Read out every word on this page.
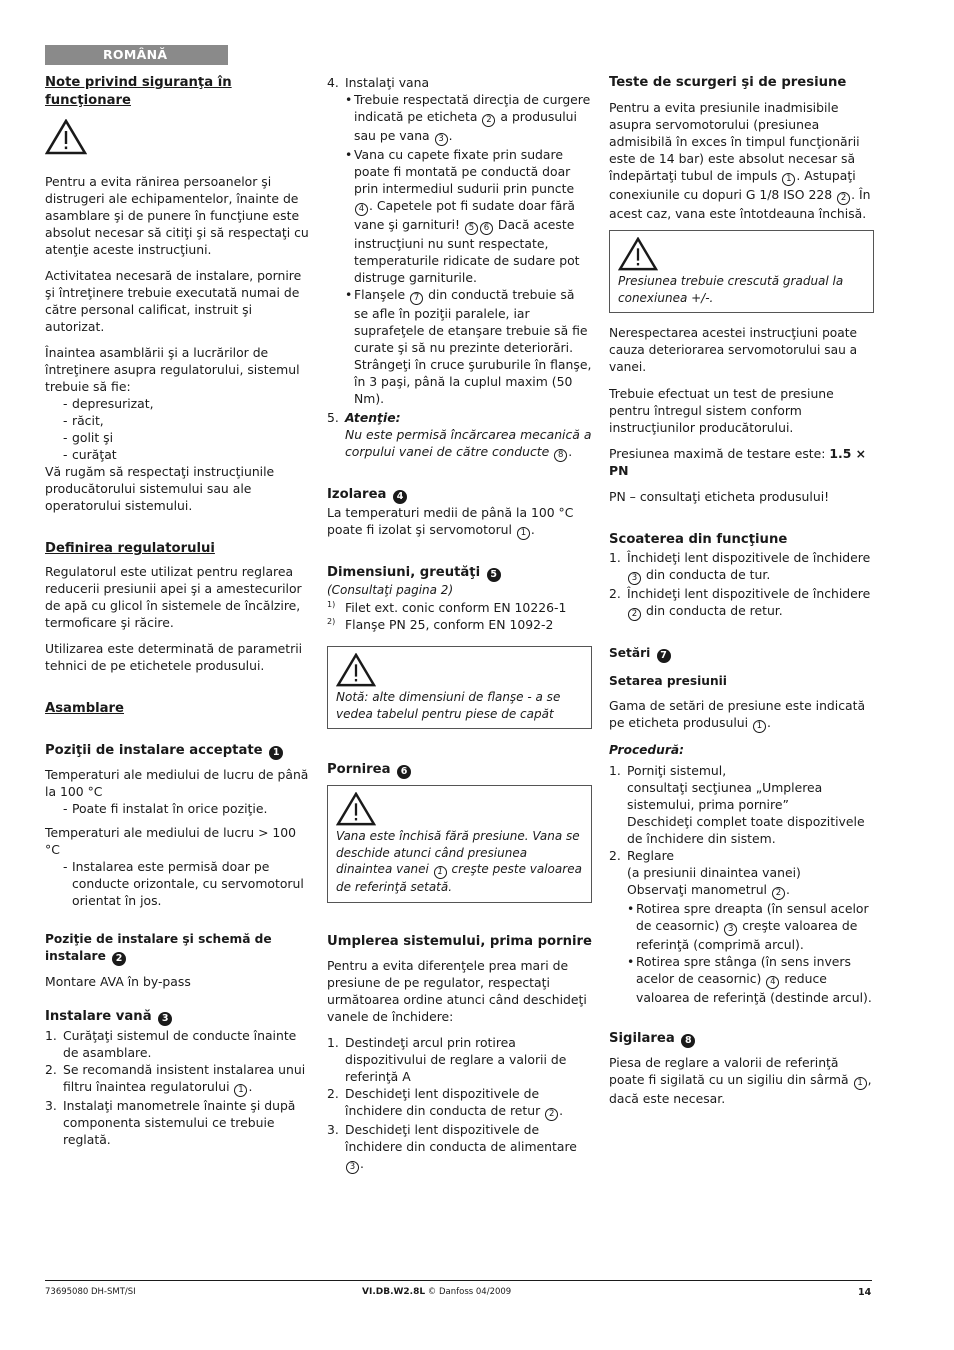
ROMÂNĂ
Note privind siguranţa în funcţionare

Pentru a evita rănirea persoanelor şi distrugeri ale echipamentelor, înainte de asamblare şi de punere în funcţiune este absolut necesar să citiţi şi să respectaţi cu atenţie aceste instrucţiuni.

Activitatea necesară de instalare, pornire şi întreţinere trebuie executată numai de către personal calificat, instruit şi autorizat.

Înaintea asamblării şi a lucrărilor de întreţinere asupra regulatorului, sistemul trebuie să fie:

- depresurizat,
- răcit,
- golit şi
- curăţat

Vă rugăm să respectaţi instrucţiunile producătorului sistemului sau ale operatorului sistemului.

Definirea regulatorului

Regulatorul este utilizat pentru reglarea reducerii presiunii apei şi a amestecurilor de apă cu glicol în sistemele de încălzire, termoficare şi răcire.

Utilizarea este determinată de parametrii tehnici de pe etichetele produsului.

Asamblare
Poziţii de instalare acceptate 1

Temperaturi ale mediului de lucru de până la 100 °C

- Poate fi instalat în orice poziţie.

Temperaturi ale mediului de lucru > 100 °C

- Instalarea este permisă doar pe conducte orizontale, cu servomotorul orientat în jos.
Poziţie de instalare şi schemă de instalare 2

Montare AVA în by-pass

Instalare vană 3
1. Curăţaţi sistemul de conducte înainte de asamblare.
2. Se recomandă insistent instalarea unui filtru înaintea regulatorului 1 .
3. Instalaţi manometrele înainte şi după componenta sistemului ce trebuie reglată.
4. Instalaţi vana
• Trebuie respectată direcţia de curgere indicată pe eticheta 2 a produsului sau pe vana 3 .
• Vana cu capete fixate prin sudare poate fi montată pe conductă doar prin intermediul sudurii prin puncte 4 . Capetele pot fi sudate doar fără vane şi garnituri! 5 6 Dacă aceste instrucţiuni nu sunt respectate, temperaturile ridicate de sudare pot distruge garniturile.
• Flanşele 7 din conductă trebuie să se afle în poziţii paralele, iar suprafeţele de etanşare trebuie să fie curate şi să nu prezinte deteriorări. Strângeţi în cruce şuruburile în flanşe, în 3 paşi, până la cuplul maxim (50 Nm).
5. Atenţie:
Nu este permisă încărcarea mecanică a corpului vanei de către conducte 8 .
Izolarea 4

La temperaturi medii de până la 100 °C poate fi izolat şi servomotorul 1 .

Dimensiuni, greutăţi 5

(Consultaţi pagina 2)

1) Filet ext. conic conform EN 10226-1
2) Flanşe PN 25, conform EN 1092-2
Notă: alte dimensiuni de flanşe - a se vedea tabelul pentru piese de capăt
Pornirea 6
Vana este închisă fără presiune. Vana se deschide atunci când presiunea dinaintea vanei 1 creşte peste valoarea de referinţă setată.
Umplerea sistemului, prima pornire

Pentru a evita diferenţele prea mari de presiune de pe regulator, respectaţi următoarea ordine atunci când deschideţi vanele de închidere:

1. Destindeţi arcul prin rotirea dispozitivului de reglare a valorii de referinţă A
2. Deschideţi lent dispozitivele de închidere din conducta de retur 2 .
3. Deschideţi lent dispozitivele de închidere din conducta de alimentare 3 .
Teste de scurgeri şi de presiune

Pentru a evita presiunile inadmisibile asupra servomotorului (presiunea admisibilă în exces în timpul funcţionării este de 14 bar) este absolut necesar să îndepărtaţi tubul de impuls 1 . Astupaţi conexiunile cu dopuri G 1/8 ISO 228 2 . În acest caz, vana este întotdeauna închisă.

Presiunea trebuie crescută gradual la conexiunea +/-.

Nerespectarea acestei instrucţiuni poate cauza deteriorarea servomotorului sau a vanei.

Trebuie efectuat un test de presiune pentru întregul sistem conform instrucţiunilor producătorului.

Presiunea maximă de testare este: 1.5 × PN

PN – consultaţi eticheta produsului!

Scoaterea din funcţiune
1. Închideţi lent dispozitivele de închidere 3 din conducta de tur.
2. Închideţi lent dispozitivele de închidere 2 din conducta de retur.
Setări 7
Setarea presiunii

Gama de setări de presiune este indicată pe eticheta produsului 1 .

Procedură:
1. Porniţi sistemul,
consultaţi secţiunea „Umplerea sistemului, prima pornire”
Deschideţi complet toate dispozitivele de închidere din sistem.
2. Reglare
(a presiunii dinaintea vanei)
Observaţi manometrul 2 .
• Rotirea spre dreapta (în sensul acelor de ceasornic) 3 creşte valoarea de referinţă (comprimă arcul).
• Rotirea spre stânga (în sens invers acelor de ceasornic) 4 reduce valoarea de referinţă (destinde arcul).
Sigilarea 8

Piesa de reglare a valorii de referinţă poate fi sigilată cu un sigiliu din sârmă 1 , dacă este necesar.

73695080 DH-SMT/SI	VI.DB.W2.8L © Danfoss 04/2009	14
